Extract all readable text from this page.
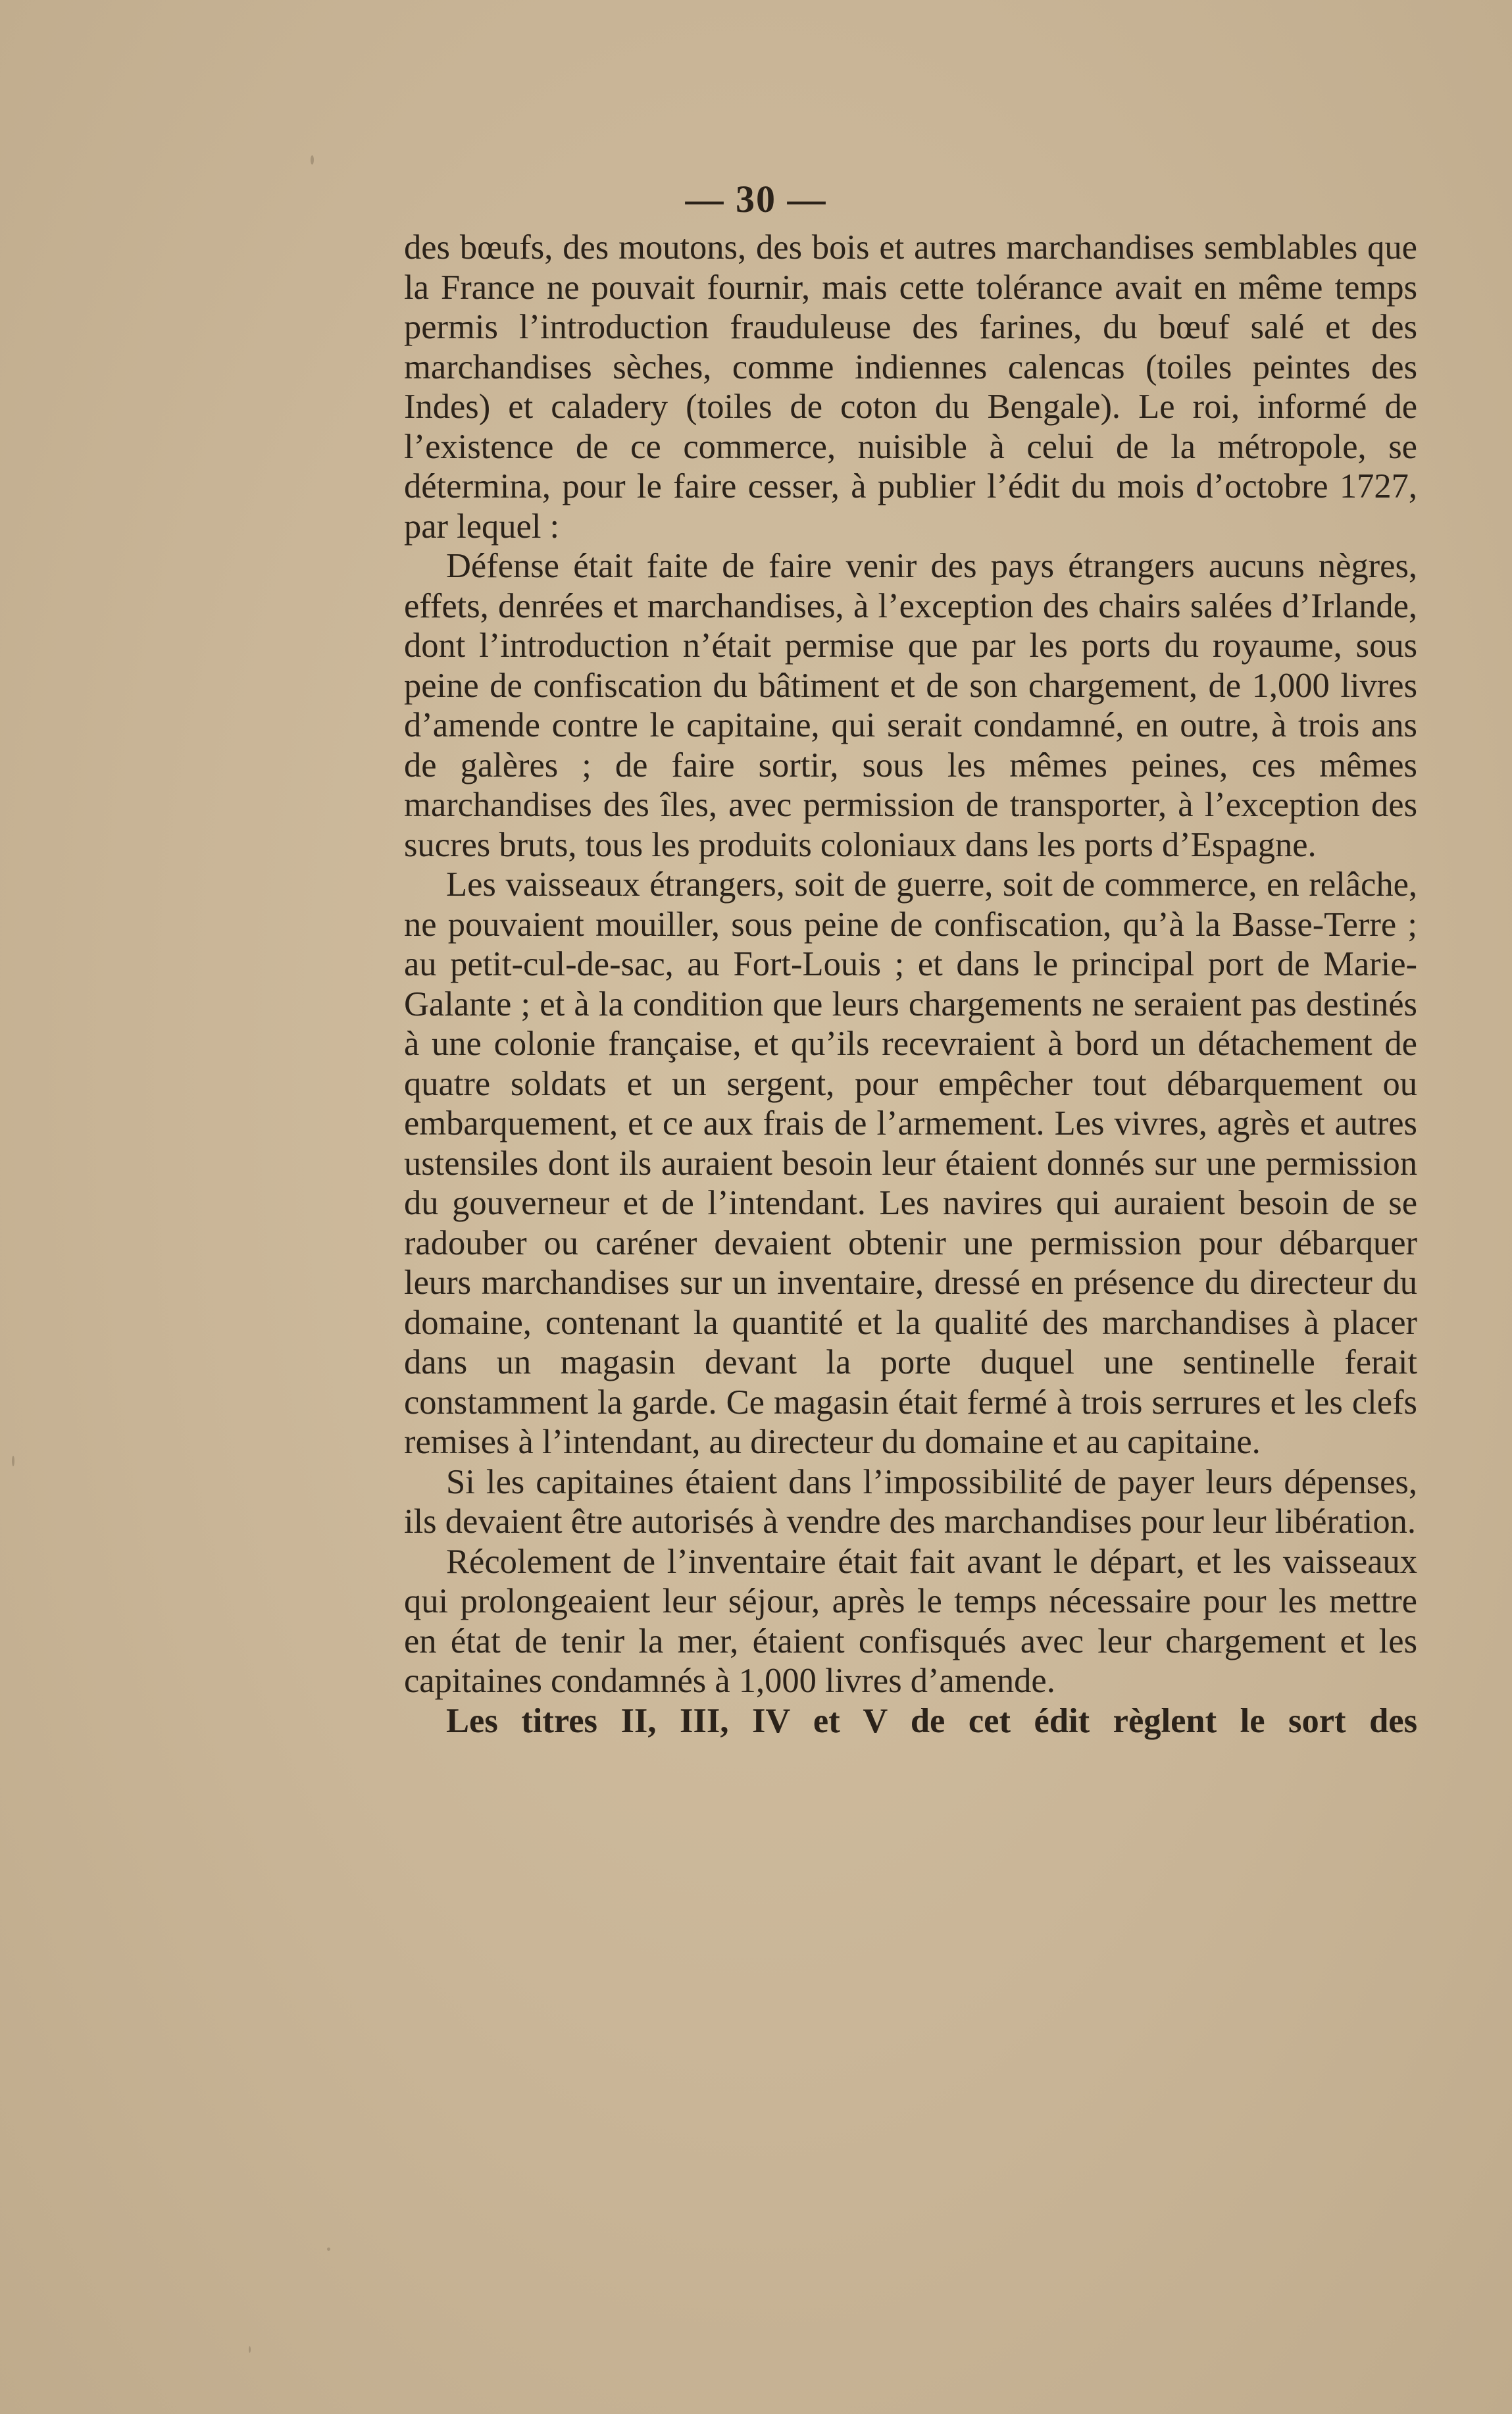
— 30 —

des bœufs, des moutons, des bois et autres marchandises semblables que la France ne pouvait fournir, mais cette tolérance avait en même temps permis l’introduction frauduleuse des farines, du bœuf salé et des marchandises sèches, comme indiennes calencas (toiles peintes des Indes) et caladery (toiles de coton du Bengale). Le roi, informé de l’existence de ce commerce, nuisible à celui de la métropole, se détermina, pour le faire cesser, à publier l’édit du mois d’octobre 1727, par lequel :

Défense était faite de faire venir des pays étrangers aucuns nègres, effets, denrées et marchandises, à l’exception des chairs salées d’Irlande, dont l’introduction n’était permise que par les ports du royaume, sous peine de confiscation du bâtiment et de son chargement, de 1,000 livres d’amende contre le capitaine, qui serait condamné, en outre, à trois ans de galères ; de faire sortir, sous les mêmes peines, ces mêmes marchandises des îles, avec permission de transporter, à l’exception des sucres bruts, tous les produits coloniaux dans les ports d’Espagne.

Les vaisseaux étrangers, soit de guerre, soit de commerce, en relâche, ne pouvaient mouiller, sous peine de confiscation, qu’à la Basse-Terre ; au petit-cul-de-sac, au Fort-Louis ; et dans le principal port de Marie-Galante ; et à la condition que leurs chargements ne seraient pas destinés à une colonie française, et qu’ils recevraient à bord un détachement de quatre soldats et un sergent, pour empêcher tout débarquement ou embarquement, et ce aux frais de l’armement. Les vivres, agrès et autres ustensiles dont ils auraient besoin leur étaient donnés sur une permission du gouverneur et de l’intendant. Les navires qui auraient besoin de se radouber ou caréner devaient obtenir une permission pour débarquer leurs marchandises sur un inventaire, dressé en présence du directeur du domaine, contenant la quantité et la qualité des marchandises à placer dans un magasin devant la porte duquel une sentinelle ferait constamment la garde. Ce magasin était fermé à trois serrures et les clefs remises à l’intendant, au directeur du domaine et au capitaine.

Si les capitaines étaient dans l’impossibilité de payer leurs dépenses, ils devaient être autorisés à vendre des marchandises pour leur libération.

Récolement de l’inventaire était fait avant le départ, et les vaisseaux qui prolongeaient leur séjour, après le temps nécessaire pour les mettre en état de tenir la mer, étaient confisqués avec leur chargement et les capitaines condamnés à 1,000 livres d’amende.

Les titres II, III, IV et V de cet édit règlent le sort des
